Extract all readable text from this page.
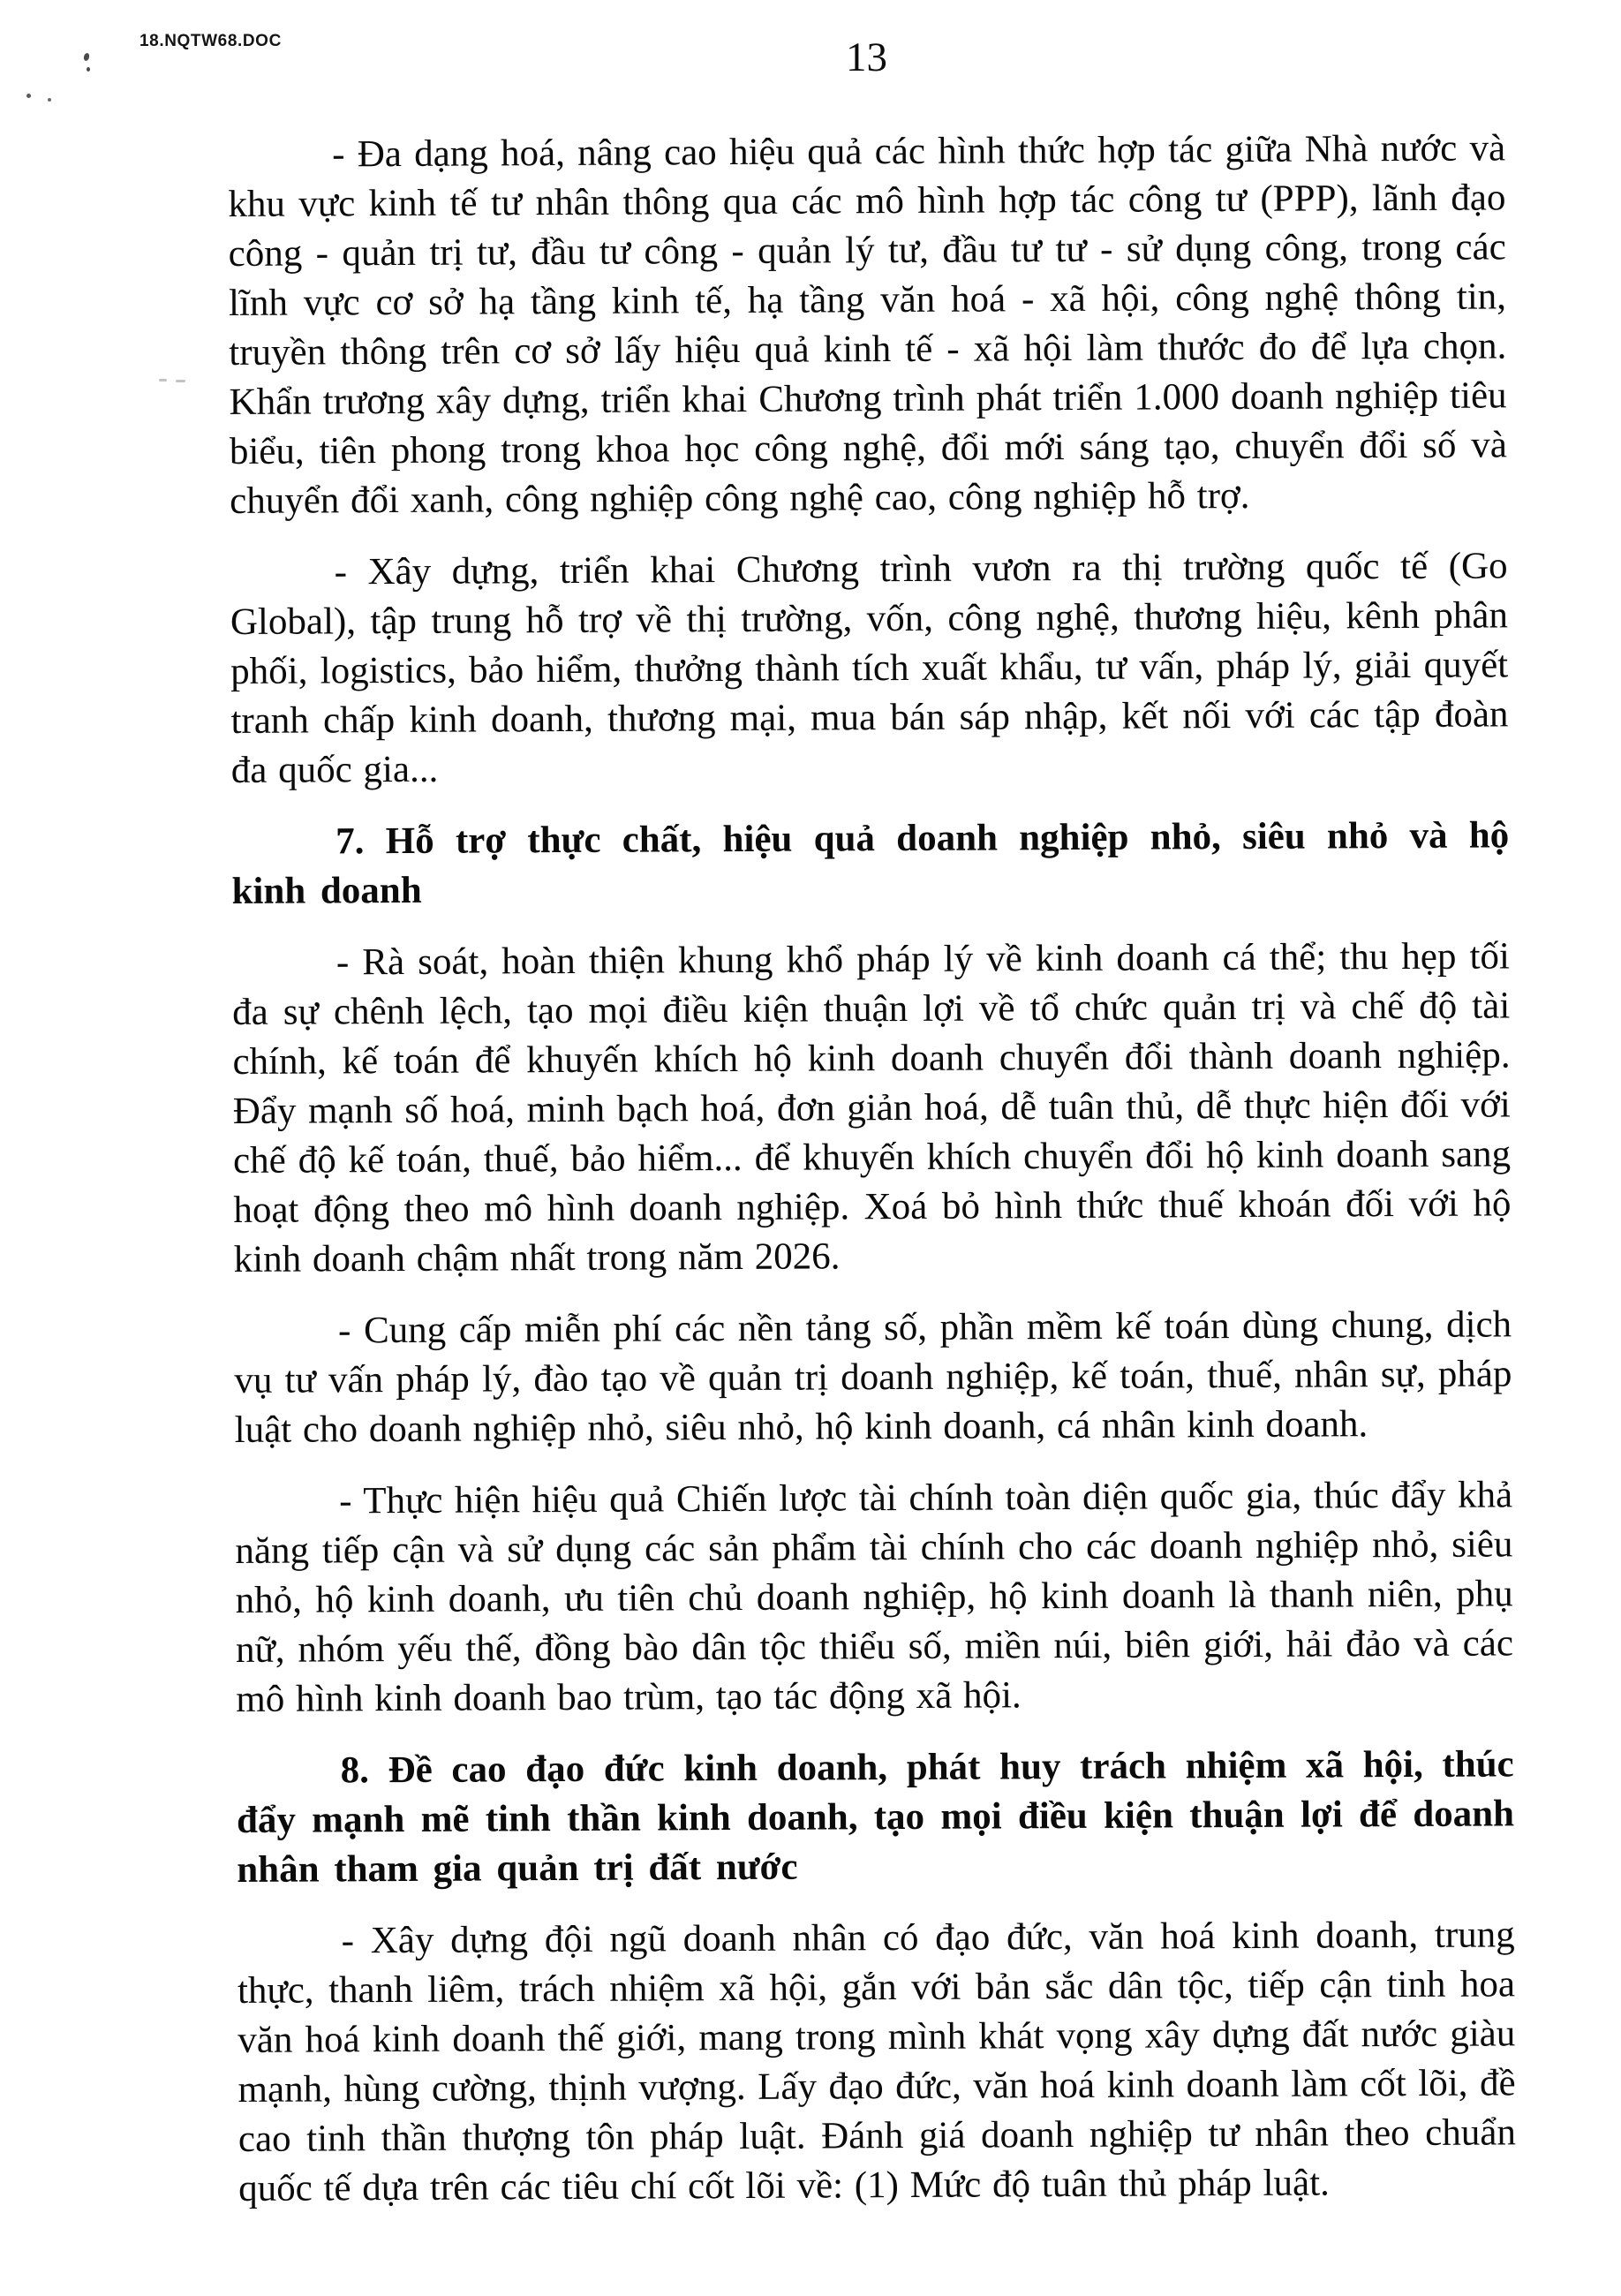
18.NQTW68.DOC	13

- Đa dạng hoá, nâng cao hiệu quả các hình thức hợp tác giữa Nhà nước và khu vực kinh tế tư nhân thông qua các mô hình hợp tác công tư (PPP), lãnh đạo công - quản trị tư, đầu tư công - quản lý tư, đầu tư tư - sử dụng công, trong các lĩnh vực cơ sở hạ tầng kinh tế, hạ tầng văn hoá - xã hội, công nghệ thông tin, truyền thông trên cơ sở lấy hiệu quả kinh tế - xã hội làm thước đo để lựa chọn. Khẩn trương xây dựng, triển khai Chương trình phát triển 1.000 doanh nghiệp tiêu biểu, tiên phong trong khoa học công nghệ, đổi mới sáng tạo, chuyển đổi số và chuyển đổi xanh, công nghiệp công nghệ cao, công nghiệp hỗ trợ.

- Xây dựng, triển khai Chương trình vươn ra thị trường quốc tế (Go Global), tập trung hỗ trợ về thị trường, vốn, công nghệ, thương hiệu, kênh phân phối, logistics, bảo hiểm, thưởng thành tích xuất khẩu, tư vấn, pháp lý, giải quyết tranh chấp kinh doanh, thương mại, mua bán sáp nhập, kết nối với các tập đoàn đa quốc gia...

7. Hỗ trợ thực chất, hiệu quả doanh nghiệp nhỏ, siêu nhỏ và hộ kinh doanh

- Rà soát, hoàn thiện khung khổ pháp lý về kinh doanh cá thể; thu hẹp tối đa sự chênh lệch, tạo mọi điều kiện thuận lợi về tổ chức quản trị và chế độ tài chính, kế toán để khuyến khích hộ kinh doanh chuyển đổi thành doanh nghiệp. Đẩy mạnh số hoá, minh bạch hoá, đơn giản hoá, dễ tuân thủ, dễ thực hiện đối với chế độ kế toán, thuế, bảo hiểm... để khuyến khích chuyển đổi hộ kinh doanh sang hoạt động theo mô hình doanh nghiệp. Xoá bỏ hình thức thuế khoán đối với hộ kinh doanh chậm nhất trong năm 2026.

- Cung cấp miễn phí các nền tảng số, phần mềm kế toán dùng chung, dịch vụ tư vấn pháp lý, đào tạo về quản trị doanh nghiệp, kế toán, thuế, nhân sự, pháp luật cho doanh nghiệp nhỏ, siêu nhỏ, hộ kinh doanh, cá nhân kinh doanh.

- Thực hiện hiệu quả Chiến lược tài chính toàn diện quốc gia, thúc đẩy khả năng tiếp cận và sử dụng các sản phẩm tài chính cho các doanh nghiệp nhỏ, siêu nhỏ, hộ kinh doanh, ưu tiên chủ doanh nghiệp, hộ kinh doanh là thanh niên, phụ nữ, nhóm yếu thế, đồng bào dân tộc thiểu số, miền núi, biên giới, hải đảo và các mô hình kinh doanh bao trùm, tạo tác động xã hội.

8. Đề cao đạo đức kinh doanh, phát huy trách nhiệm xã hội, thúc đẩy mạnh mẽ tinh thần kinh doanh, tạo mọi điều kiện thuận lợi để doanh nhân tham gia quản trị đất nước

- Xây dựng đội ngũ doanh nhân có đạo đức, văn hoá kinh doanh, trung thực, thanh liêm, trách nhiệm xã hội, gắn với bản sắc dân tộc, tiếp cận tinh hoa văn hoá kinh doanh thế giới, mang trong mình khát vọng xây dựng đất nước giàu mạnh, hùng cường, thịnh vượng. Lấy đạo đức, văn hoá kinh doanh làm cốt lõi, đề cao tinh thần thượng tôn pháp luật. Đánh giá doanh nghiệp tư nhân theo chuẩn quốc tế dựa trên các tiêu chí cốt lõi về: (1) Mức độ tuân thủ pháp luật.
